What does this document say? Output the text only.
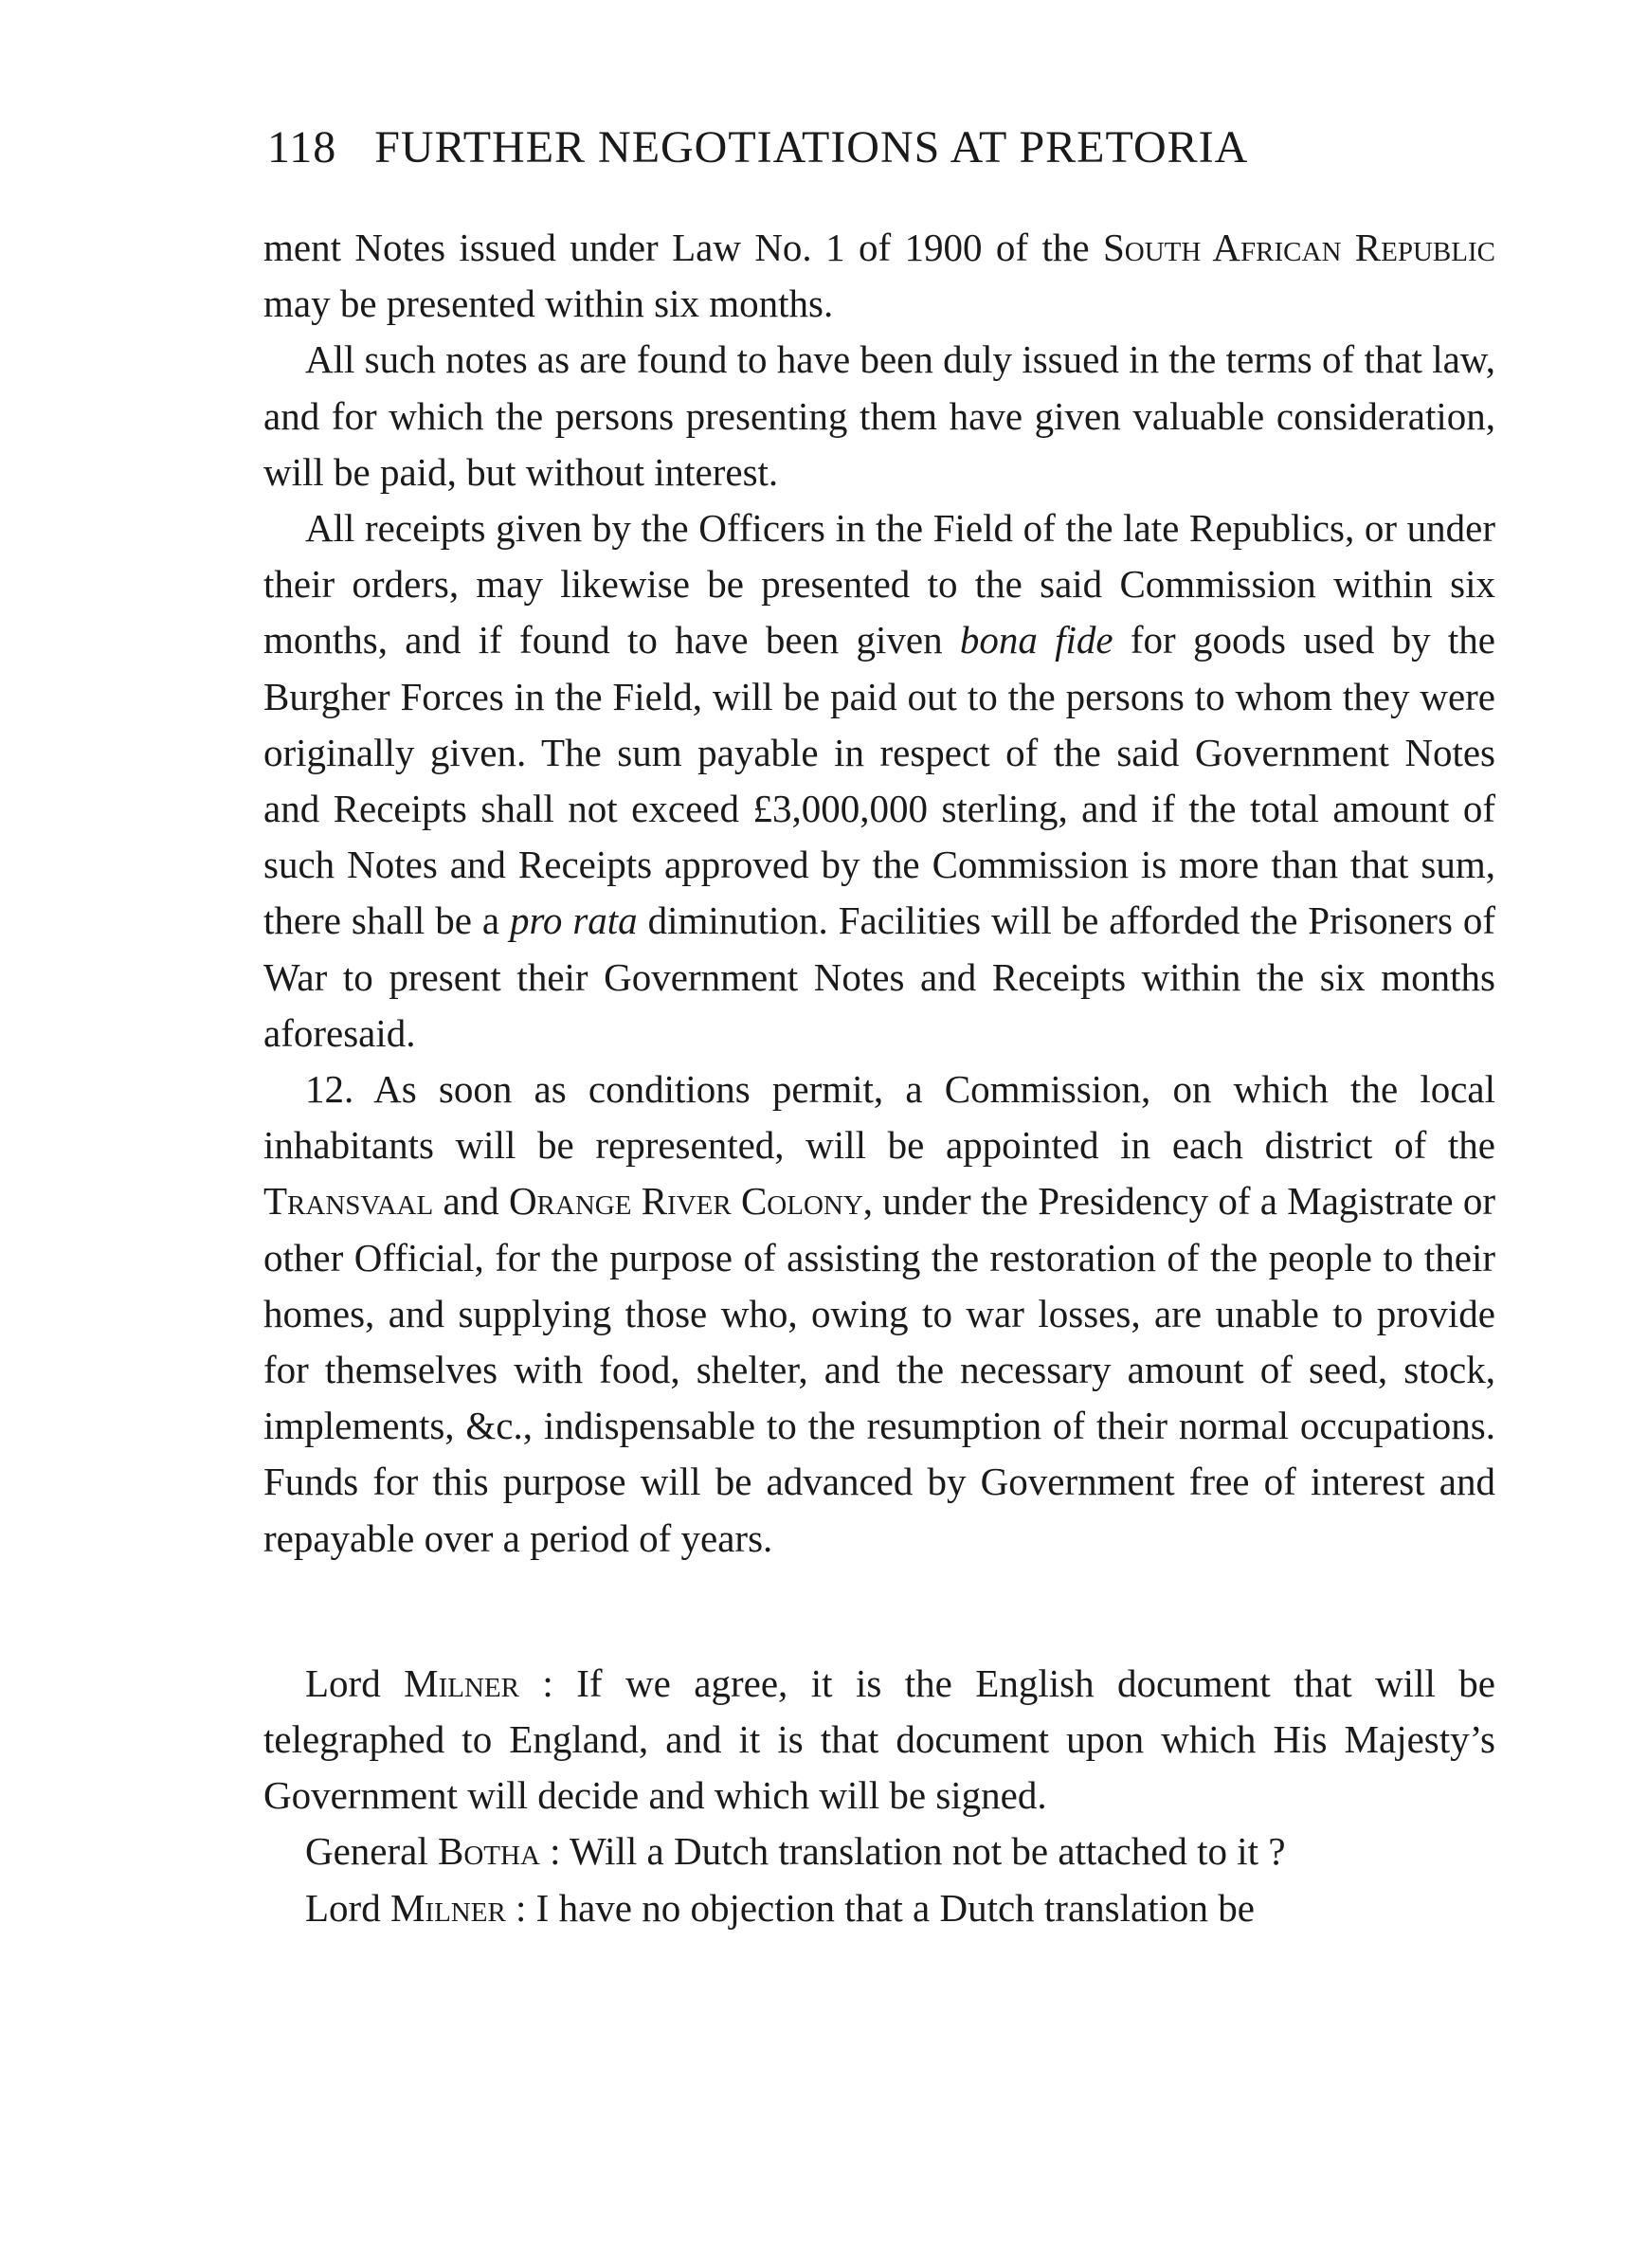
118 FURTHER NEGOTIATIONS AT PRETORIA

ment Notes issued under Law No. 1 of 1900 of the South African Republic may be presented within six months.

All such notes as are found to have been duly issued in the terms of that law, and for which the persons presenting them have given valuable consideration, will be paid, but without interest.

All receipts given by the Officers in the Field of the late Republics, or under their orders, may likewise be presented to the said Commission within six months, and if found to have been given bona fide for goods used by the Burgher Forces in the Field, will be paid out to the persons to whom they were originally given. The sum payable in respect of the said Government Notes and Receipts shall not exceed £3,000,000 sterling, and if the total amount of such Notes and Receipts approved by the Commission is more than that sum, there shall be a pro rata diminution. Facilities will be afforded the Prisoners of War to present their Government Notes and Receipts within the six months aforesaid.

12. As soon as conditions permit, a Commission, on which the local inhabitants will be represented, will be appointed in each district of the Transvaal and Orange River Colony, under the Presidency of a Magistrate or other Official, for the purpose of assisting the restoration of the people to their homes, and supplying those who, owing to war losses, are unable to provide for themselves with food, shelter, and the necessary amount of seed, stock, implements, &c., indispensable to the resumption of their normal occupations. Funds for this purpose will be advanced by Government free of interest and repayable over a period of years.

Lord Milner : If we agree, it is the English document that will be telegraphed to England, and it is that document upon which His Majesty’s Government will decide and which will be signed.

General Botha : Will a Dutch translation not be attached to it ?

Lord Milner : I have no objection that a Dutch translation be
